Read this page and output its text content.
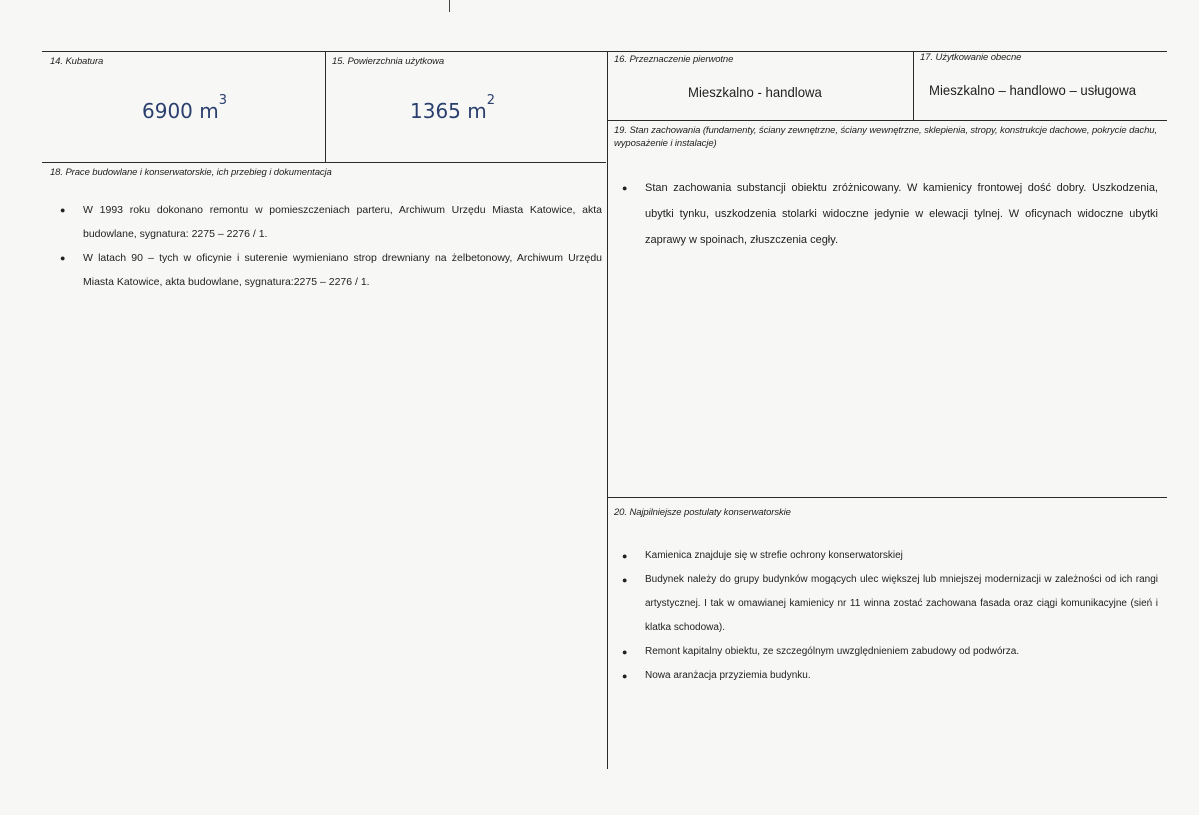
14. Kubatura
6900 $m^3$
15. Powierzchnia użytkowa
1365 $m^2$
16. Przeznaczenie pierwotne
Mieszkalno - handlowa
17. Użytkowanie obecne
Mieszkalno – handlowo – usługowa
18. Prace budowlane i konserwatorskie, ich przebieg i dokumentacja
● W 1993 roku dokonano remontu w pomieszczeniach parteru, Archiwum Urzędu Miasta Katowice, akta budowlane, sygnatura: 2275 – 2276 / 1.
● W latach 90 – tych w oficynie i suterenie wymieniano strop drewniany na żelbetonowy, Archiwum Urzędu Miasta Katowice, akta budowlane, sygnatura:2275 – 2276 / 1.
19. Stan zachowania (fundamenty, ściany zewnętrzne, ściany wewnętrzne, sklepienia, stropy, konstrukcje dachowe, pokrycie dachu, wyposażenie i instalacje)
● Stan zachowania substancji obiektu zróżnicowany. W kamienicy frontowej dość dobry. Uszkodzenia, ubytki tynku, uszkodzenia stolarki widoczne jedynie w elewacji tylnej. W oficynach widoczne ubytki zaprawy w spoinach, złuszczenia cegły.
20. Najpilniejsze postulaty konserwatorskie
● Kamienica znajduje się w strefie ochrony konserwatorskiej
● Budynek należy do grupy budynków mogących ulec większej lub mniejszej modernizacji w zależności od ich rangi artystycznej. I tak w omawianej kamienicy nr 11 winna zostać zachowana fasada oraz ciągi komunikacyjne (sień i klatka schodowa).
● Remont kapitalny obiektu, ze szczególnym uwzględnieniem zabudowy od podwórza.
● Nowa aranżacja przyziemia budynku.
